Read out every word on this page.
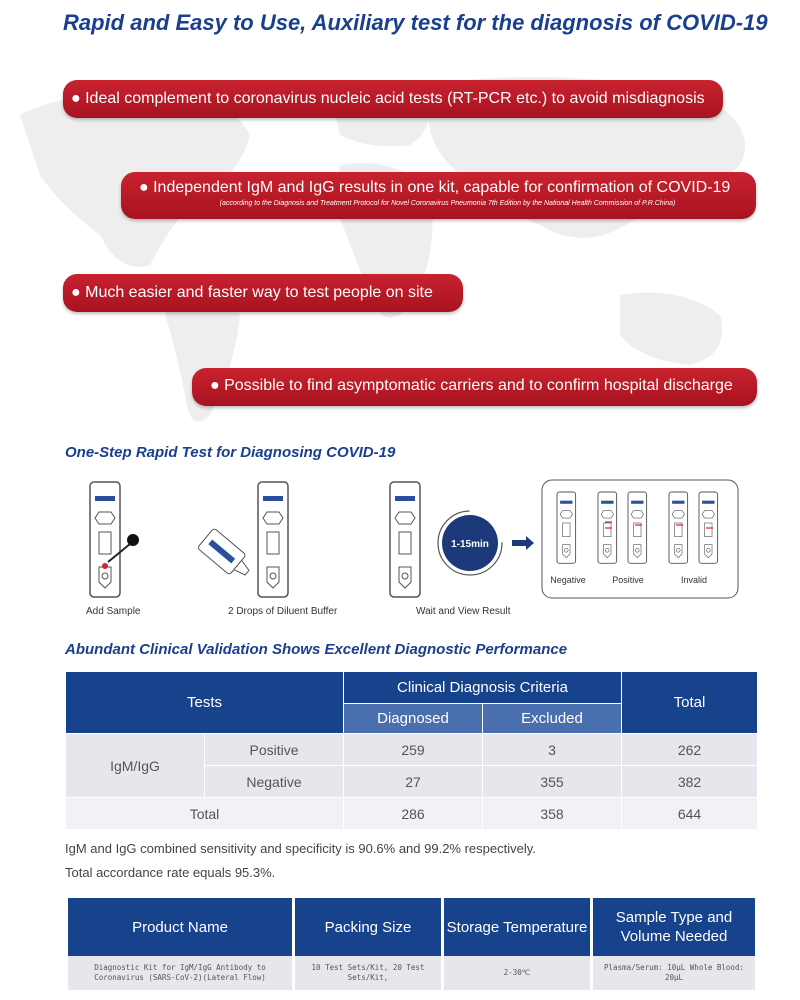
Rapid and Easy to Use, Auxiliary test for the diagnosis of COVID-19
● Ideal complement to coronavirus nucleic acid tests (RT-PCR etc.) to avoid misdiagnosis
● Independent IgM and IgG results in one kit, capable for confirmation of COVID-19
(according to the Diagnosis and Treatment Protocol for Novel Coronavirus Pneumonia 7th Edition by the National Health Commission of P.R.China)
● Much easier and faster way to test people on site
● Possible to find asymptomatic carriers and to confirm hospital discharge
One-Step Rapid Test for Diagnosing COVID-19
1-15min
Negative	Positive	Invalid
Add Sample	2 Drops of Diluent Buffer	Wait and View Result
Abundant Clinical Validation Shows Excellent Diagnostic Performance
Tests		Clinical Diagnosis Criteria		Total
		Diagnosed	Excluded	
IgM/IgG	Positive	259	3	262
	Negative	27	355	382
Total		286	358	644
IgM and IgG combined sensitivity and specificity is 90.6% and 99.2% respectively.
Total accordance rate equals 95.3%.
Product Name	Packing Size	Storage Temperature	Sample Type and Volume Needed
Diagnostic Kit for IgM/IgG Antibody to Coronavirus (SARS-CoV-2)(Lateral Flow)	10 Test Sets/Kit, 20 Test Sets/Kit,	2-30℃	Plasma/Serum: 10μL Whole Blood: 20μL
